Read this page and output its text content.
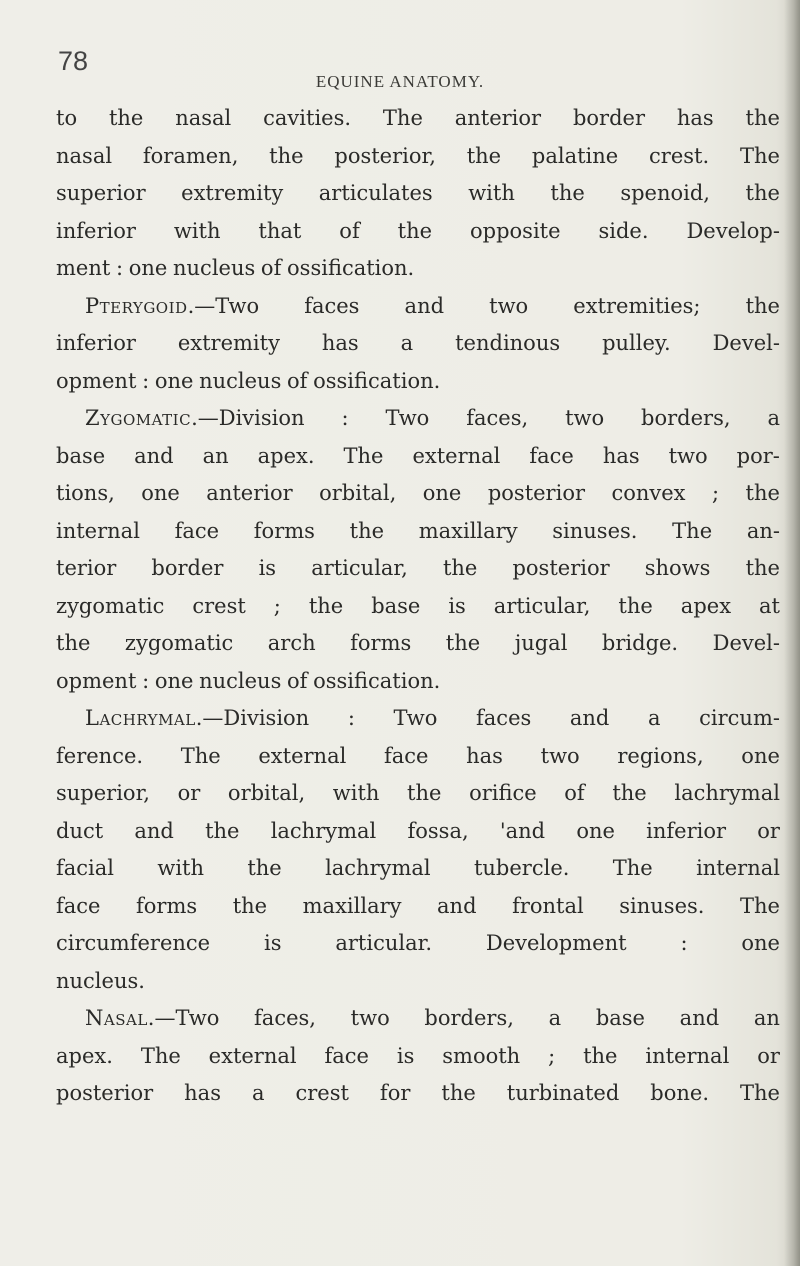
78
EQUINE ANATOMY.
to the nasal cavities. The anterior border has the
nasal foramen, the posterior, the palatine crest. The
superior extremity articulates with the spenoid, the
inferior with that of the opposite side. Develop-
ment : one nucleus of ossification.
Pterygoid.—Two faces and two extremities; the
inferior extremity has a tendinous pulley. Devel-
opment : one nucleus of ossification.
Zygomatic.—Division : Two faces, two borders, a
base and an apex. The external face has two por-
tions, one anterior orbital, one posterior convex ; the
internal face forms the maxillary sinuses. The an-
terior border is articular, the posterior shows the
zygomatic crest ; the base is articular, the apex at
the zygomatic arch forms the jugal bridge. Devel-
opment : one nucleus of ossification.
Lachrymal.—Division : Two faces and a circum-
ference. The external face has two regions, one
superior, or orbital, with the orifice of the lachrymal
duct and the lachrymal fossa, 'and one inferior or
facial with the lachrymal tubercle. The internal
face forms the maxillary and frontal sinuses. The
circumference	is	articular.	Development	:	one
nucleus.
Nasal.—Two faces, two borders, a base and an
apex. The external face is smooth ; the internal or
posterior has a crest for the turbinated bone. The
